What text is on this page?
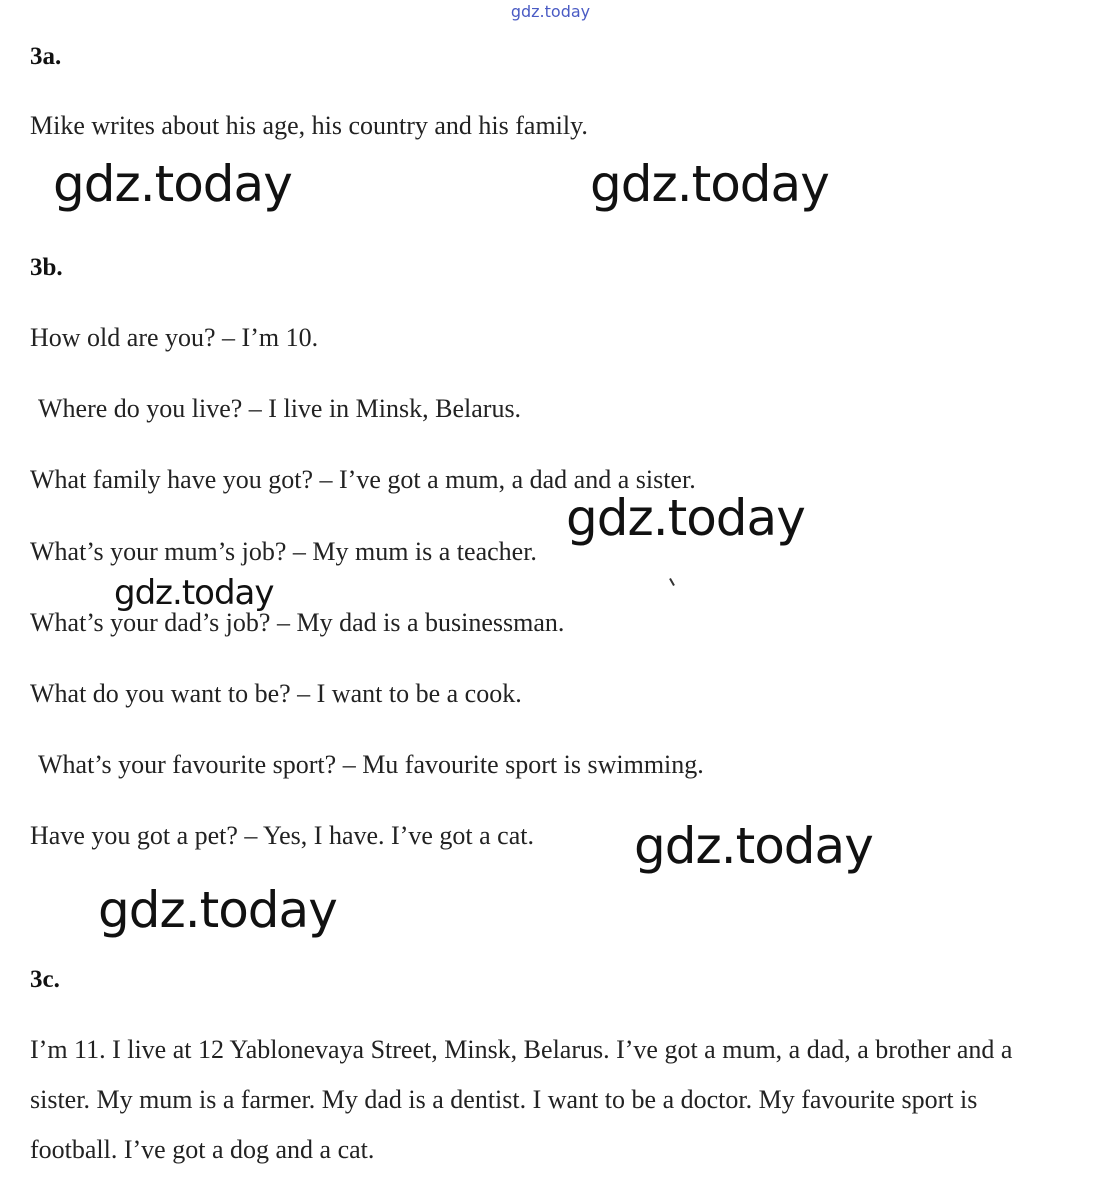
gdz.today
3a.
Mike writes about his age, his country and his family.
3b.
How old are you? – I’m 10.
Where do you live? – I live in Minsk, Belarus.
What family have you got? – I’ve got a mum, a dad and a sister.
What’s your mum’s job? – My mum is a teacher.
What’s your dad’s job? – My dad is a businessman.
What do you want to be? – I want to be a cook.
What’s your favourite sport? – Mu favourite sport is swimming.
Have you got a pet? – Yes, I have. I’ve got a cat.
3c.
I’m 11. I live at 12 Yablonevaya Street, Minsk, Belarus. I’ve got a mum, a dad, a brother and a sister. My mum is a farmer. My dad is a dentist. I want to be a doctor. My favourite sport is football. I’ve got a dog and a cat.
gdz.today	gdz.today
gdz.today
gdz.today
gdz.today
gdz.today
